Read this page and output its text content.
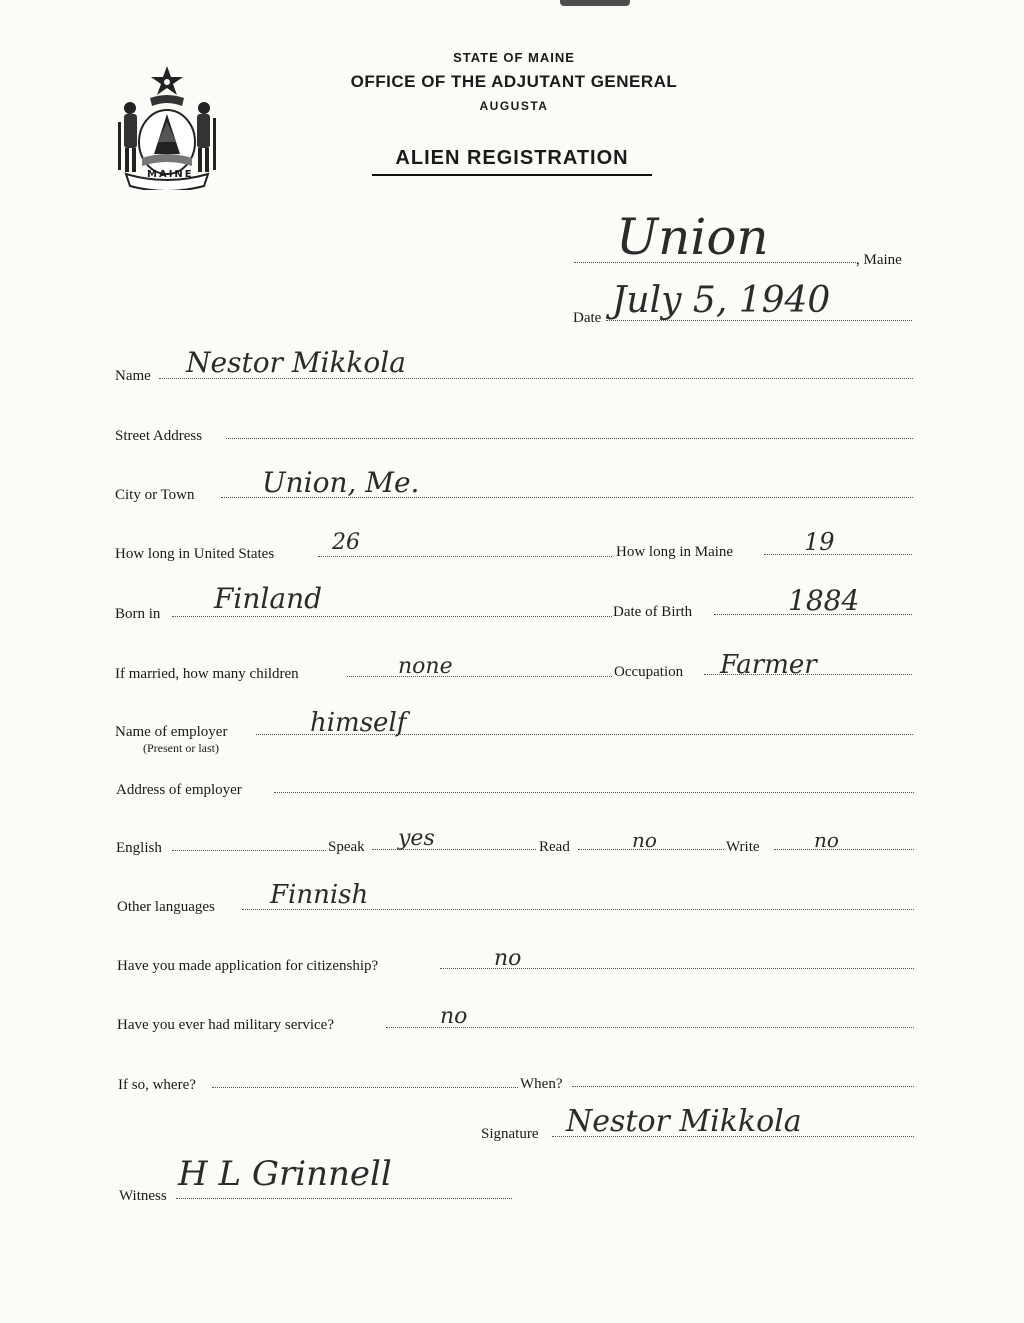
MAINE
STATE OF MAINE
OFFICE OF THE ADJUTANT GENERAL
AUGUSTA
ALIEN REGISTRATION
Union	, Maine
Date July 5, 1940
Name Nestor Mikkola
Street Address
City or Town Union, Me.
How long in United States	26	How long in Maine	19
Born in Finland	Date of Birth	1884
If married, how many children	none	Occupation Farmer
Name of employer
(Present or last)
himself
Address of employer
English	Speak yes	Read	no	Write	no
Other languages Finnish
Have you made application for citizenship?	no
Have you ever had military service?	no
If so, where?	When?
Signature Nestor Mikkola
Witness
H L Grinnell
